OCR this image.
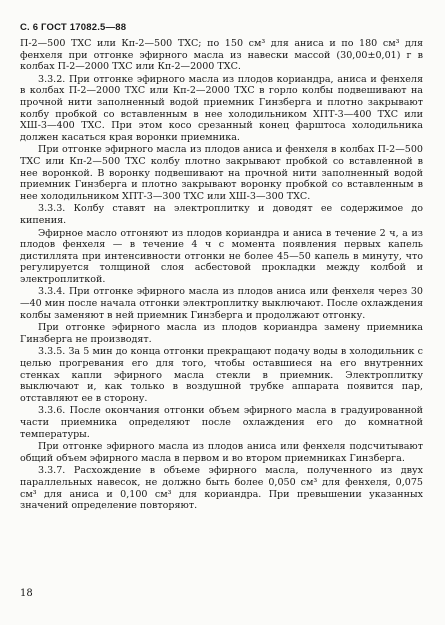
С. 6 ГОСТ 17082.5—88

П-2—500 ТХС или Кп-2—500 ТХС; по 150 см³ для аниса и по 180 см³ для фенхеля при отгонке эфирного масла из навески массой (30,00±0,01) г в колбах П-2—2000 ТХС или Кп-2—2000 ТХС.

3.3.2. При отгонке эфирного масла из плодов кориандра, аниса и фенхеля в колбах П-2—2000 ТХС или Кп-2—2000 ТХС в горло колбы подвешивают на прочной нити заполненный водой приемник Гинзберга и плотно закрывают колбу пробкой со вставленным в нее холодильником ХПТ-3—400 ТХС или ХШ-3—400 ТХС. При этом косо срезанный конец фарштоса холодильника должен касаться края воронки приемника.

При отгонке эфирного масла из плодов аниса и фенхеля в колбах П-2—500 ТХС или Кп-2—500 ТХС колбу плотно закрывают пробкой со вставленной в нее воронкой. В воронку подвешивают на прочной нити заполненный водой приемник Гинзберга и плотно закрывают воронку пробкой со вставленным в нее холодильником ХПТ-3—300 ТХС или ХШ-3—300 ТХС.

3.3.3. Колбу ставят на электроплитку и доводят ее содержимое до кипения.

Эфирное масло отгоняют из плодов кориандра и аниса в течение 2 ч, а из плодов фенхеля — в течение 4 ч с момента появления первых капель дистиллята при интенсивности отгонки не более 45—50 капель в минуту, что регулируется толщиной слоя асбестовой прокладки между колбой и электроплиткой.

3.3.4. При отгонке эфирного масла из плодов аниса или фенхеля через 30—40 мин после начала отгонки электроплитку выключают. После охлаждения колбы заменяют в ней приемник Гинзберга и продолжают отгонку.

При отгонке эфирного масла из плодов кориандра замену приемника Гинзберга не производят.

3.3.5. За 5 мин до конца отгонки прекращают подачу воды в холодильник с целью прогревания его для того, чтобы оставшиеся на его внутренних стенках капли эфирного масла стекли в приемник. Электроплитку выключают и, как только в воздушной трубке аппарата появится пар, отставляют ее в сторону.

3.3.6. После окончания отгонки объем эфирного масла в градуированной части приемника определяют после охлаждения его до комнатной температуры.

При отгонке эфирного масла из плодов аниса или фенхеля подсчитывают общий объем эфирного масла в первом и во втором приемниках Гинзберга.

3.3.7. Расхождение в объеме эфирного масла, полученного из двух параллельных навесок, не должно быть более 0,050 см³ для фенхеля, 0,075 см³ для аниса и 0,100 см³ для кориандра. При превышении указанных значений определение повторяют.

18
